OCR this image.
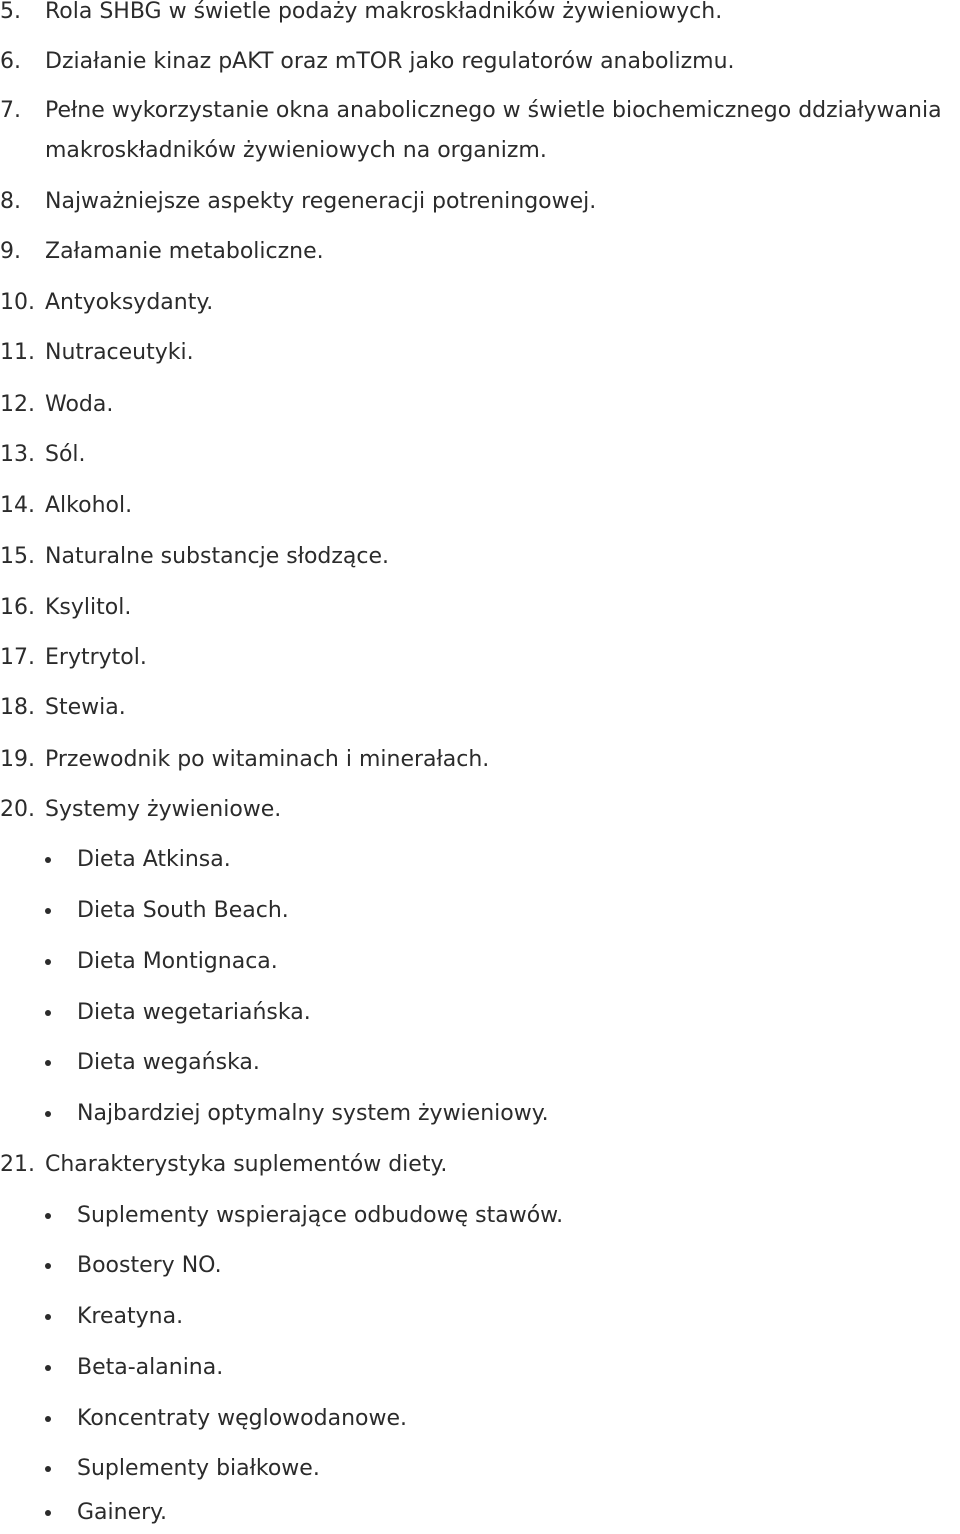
5. Rola SHBG w świetle podaży makroskładników żywieniowych.
6. Działanie kinaz pAKT oraz mTOR jako regulatorów anabolizmu.
7. Pełne wykorzystanie okna anabolicznego w świetle biochemicznego ddziaływania
makroskładników żywieniowych na organizm.
8. Najważniejsze aspekty regeneracji potreningowej.
9. Załamanie metaboliczne.
10. Antyoksydanty.
11. Nutraceutyki.
12. Woda.
13. Sól.
14. Alkohol.
15. Naturalne substancje słodzące.
16. Ksylitol.
17. Erytrytol.
18. Stewia.
19. Przewodnik po witaminach i minerałach.
20. Systemy żywieniowe.
Dieta Atkinsa.
Dieta South Beach.
Dieta Montignaca.
Dieta wegetariańska.
Dieta wegańska.
Najbardziej optymalny system żywieniowy.
21. Charakterystyka suplementów diety.
Suplementy wspierające odbudowę stawów.
Boostery NO.
Kreatyna.
Beta-alanina.
Koncentraty węglowodanowe.
Suplementy białkowe.
Gainery.
